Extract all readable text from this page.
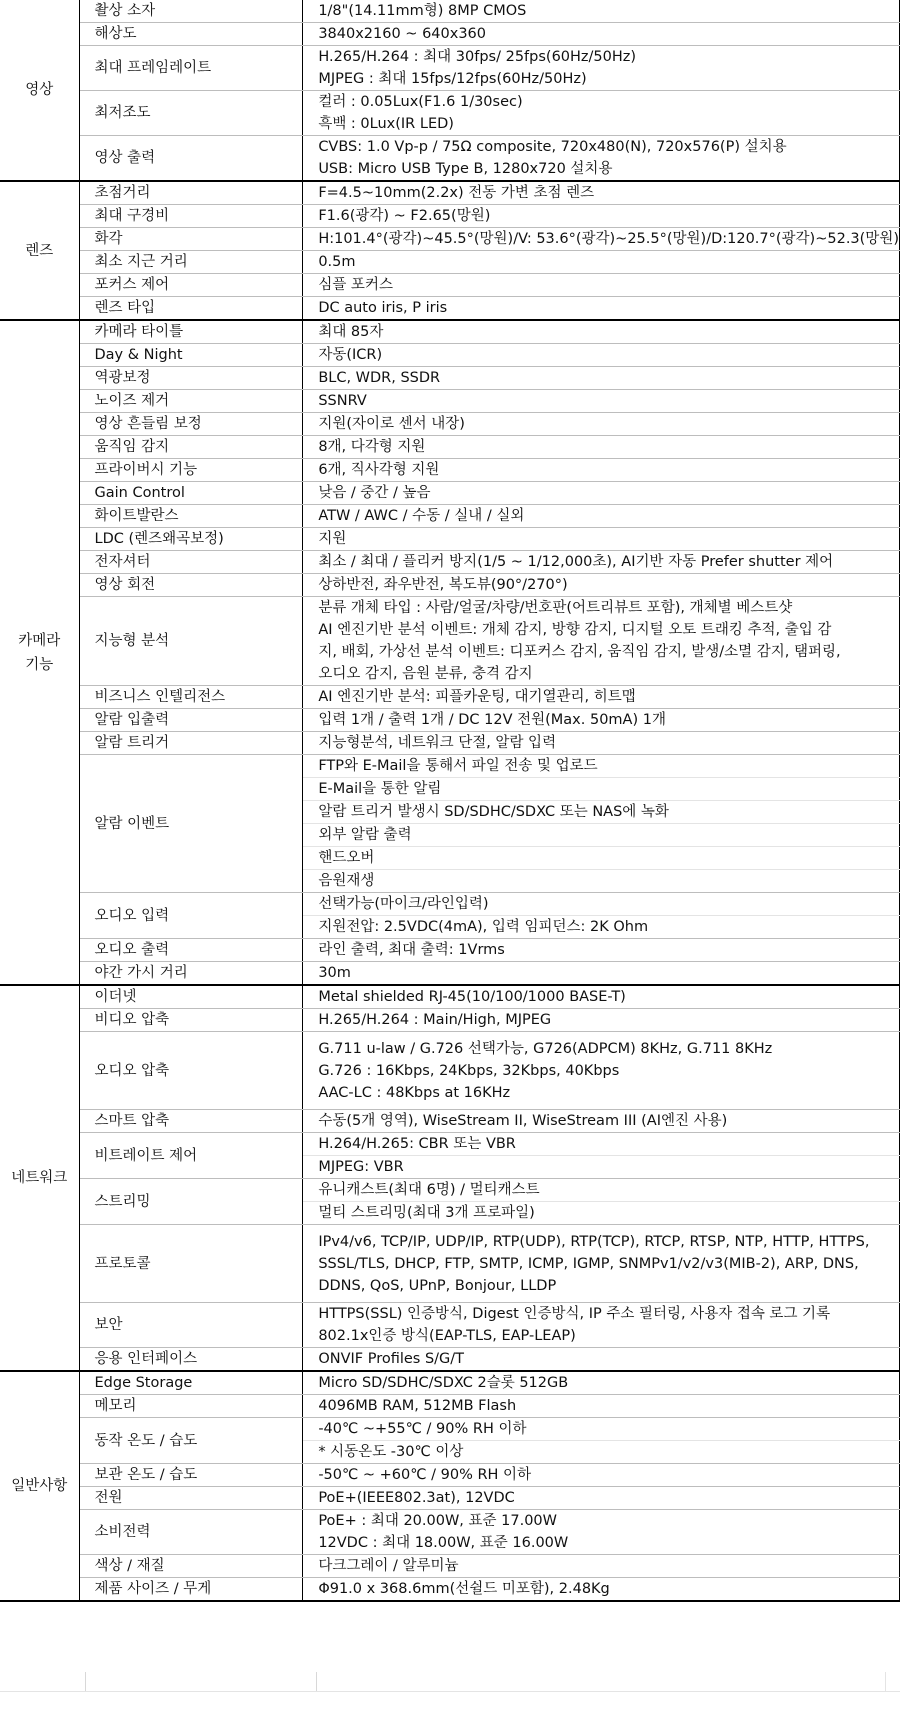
영상	촬상 소자	1/8"(14.11mm형) 8MP CMOS

	해상도	3840x2160 ~ 640x360

	최대 프레임레이트	H.265/H.264 : 최대 30fps/ 25fps(60Hz/50Hz)
MJPEG : 최대 15fps/12fps(60Hz/50Hz)

	최저조도	컬러 : 0.05Lux(F1.6 1/30sec)
흑백 : 0Lux(IR LED)

	영상 출력	CVBS: 1.0 Vp-p / 75Ω composite, 720x480(N), 720x576(P) 설치용
USB: Micro USB Type B, 1280x720 설치용

렌즈	초점거리	F=4.5~10mm(2.2x) 전동 가변 초점 렌즈

	최대 구경비	F1.6(광각) ~ F2.65(망원)

	화각	H:101.4°(광각)~45.5°(망원)/V: 53.6°(광각)~25.5°(망원)/D:120.7°(광각)~52.3(망원)

	최소 지근 거리	0.5m

	포커스 제어	심플 포커스

	렌즈 타입	DC auto iris, P iris

카메라
기능	카메라 타이틀	최대 85자

	Day & Night	자동(ICR)

	역광보정	BLC, WDR, SSDR

	노이즈 제거	SSNRV

	영상 흔들림 보정	지원(자이로 센서 내장)

	움직임 감지	8개, 다각형 지원

	프라이버시 기능	6개, 직사각형 지원

	Gain Control	낮음 / 중간 / 높음

	화이트발란스	ATW / AWC / 수동 / 실내 / 실외

	LDC (렌즈왜곡보정)	지원

	전자셔터	최소 / 최대 / 플리커 방지(1/5 ~ 1/12,000초), AI기반 자동 Prefer shutter 제어

	영상 회전	상하반전, 좌우반전, 복도뷰(90°/270°)

	지능형 분석	분류 개체 타입 : 사람/얼굴/차량/번호판(어트리뷰트 포함), 개체별 베스트샷
AI 엔진기반 분석 이벤트: 개체 감지, 방향 감지, 디지털 오토 트래킹 추적, 출입 감
지, 배회, 가상선 분석 이벤트: 디포커스 감지, 움직임 감지, 발생/소멸 감지, 탬퍼링,
오디오 감지, 음원 분류, 충격 감지

	비즈니스 인텔리전스	AI 엔진기반 분석: 피플카운팅, 대기열관리, 히트맵

	알람 입출력	입력 1개 / 출력 1개 / DC 12V 전원(Max. 50mA) 1개

	알람 트리거	지능형분석, 네트워크 단절, 알람 입력

	알람 이벤트	FTP와 E-Mail을 통해서 파일 전송 및 업로드
		E-Mail을 통한 알림
		알람 트리거 발생시 SD/SDHC/SDXC 또는 NAS에 녹화
		외부 알람 출력
		핸드오버
		음원재생
	오디오 입력	선택가능(마이크/라인입력)
		지원전압: 2.5VDC(4mA), 입력 임피던스: 2K Ohm
	오디오 출력	라인 출력, 최대 출력: 1Vrms

	야간 가시 거리	30m

네트워크	이더넷	Metal shielded RJ-45(10/100/1000 BASE-T)

	비디오 압축	H.265/H.264 : Main/High, MJPEG

	오디오 압축	G.711 u-law / G.726 선택가능, G726(ADPCM) 8KHz, G.711 8KHz
G.726 : 16Kbps, 24Kbps, 32Kbps, 40Kbps
AAC-LC : 48Kbps at 16KHz

	스마트 압축	수동(5개 영역), WiseStream II, WiseStream III (AI엔진 사용)

	비트레이트 제어	H.264/H.265: CBR 또는 VBR
		MJPEG: VBR
	스트리밍	유니캐스트(최대 6명) / 멀티캐스트
		멀티 스트리밍(최대 3개 프로파일)
	프로토콜	IPv4/v6, TCP/IP, UDP/IP, RTP(UDP), RTP(TCP), RTCP, RTSP, NTP, HTTP, HTTPS,
SSSL/TLS, DHCP, FTP, SMTP, ICMP, IGMP, SNMPv1/v2/v3(MIB-2), ARP, DNS,
DDNS, QoS, UPnP, Bonjour, LLDP

	보안	HTTPS(SSL) 인증방식, Digest 인증방식, IP 주소 필터링, 사용자 접속 로그 기록
802.1x인증 방식(EAP-TLS, EAP-LEAP)

	응용 인터페이스	ONVIF Profiles S/G/T

일반사항	Edge Storage	Micro SD/SDHC/SDXC 2슬롯 512GB

	메모리	4096MB RAM, 512MB Flash

	동작 온도 / 습도	-40℃ ~+55℃ / 90% RH 이하
		* 시동온도 -30℃ 이상
	보관 온도 / 습도	-50℃ ~ +60℃ / 90% RH 이하

	전원	PoE+(IEEE802.3at), 12VDC

	소비전력	PoE+ : 최대 20.00W, 표준 17.00W
12VDC : 최대 18.00W, 표준 16.00W

	색상 / 재질	다크그레이 / 알루미늄

	제품 사이즈 / 무게	Φ91.0 x 368.6mm(선쉴드 미포함), 2.48Kg
